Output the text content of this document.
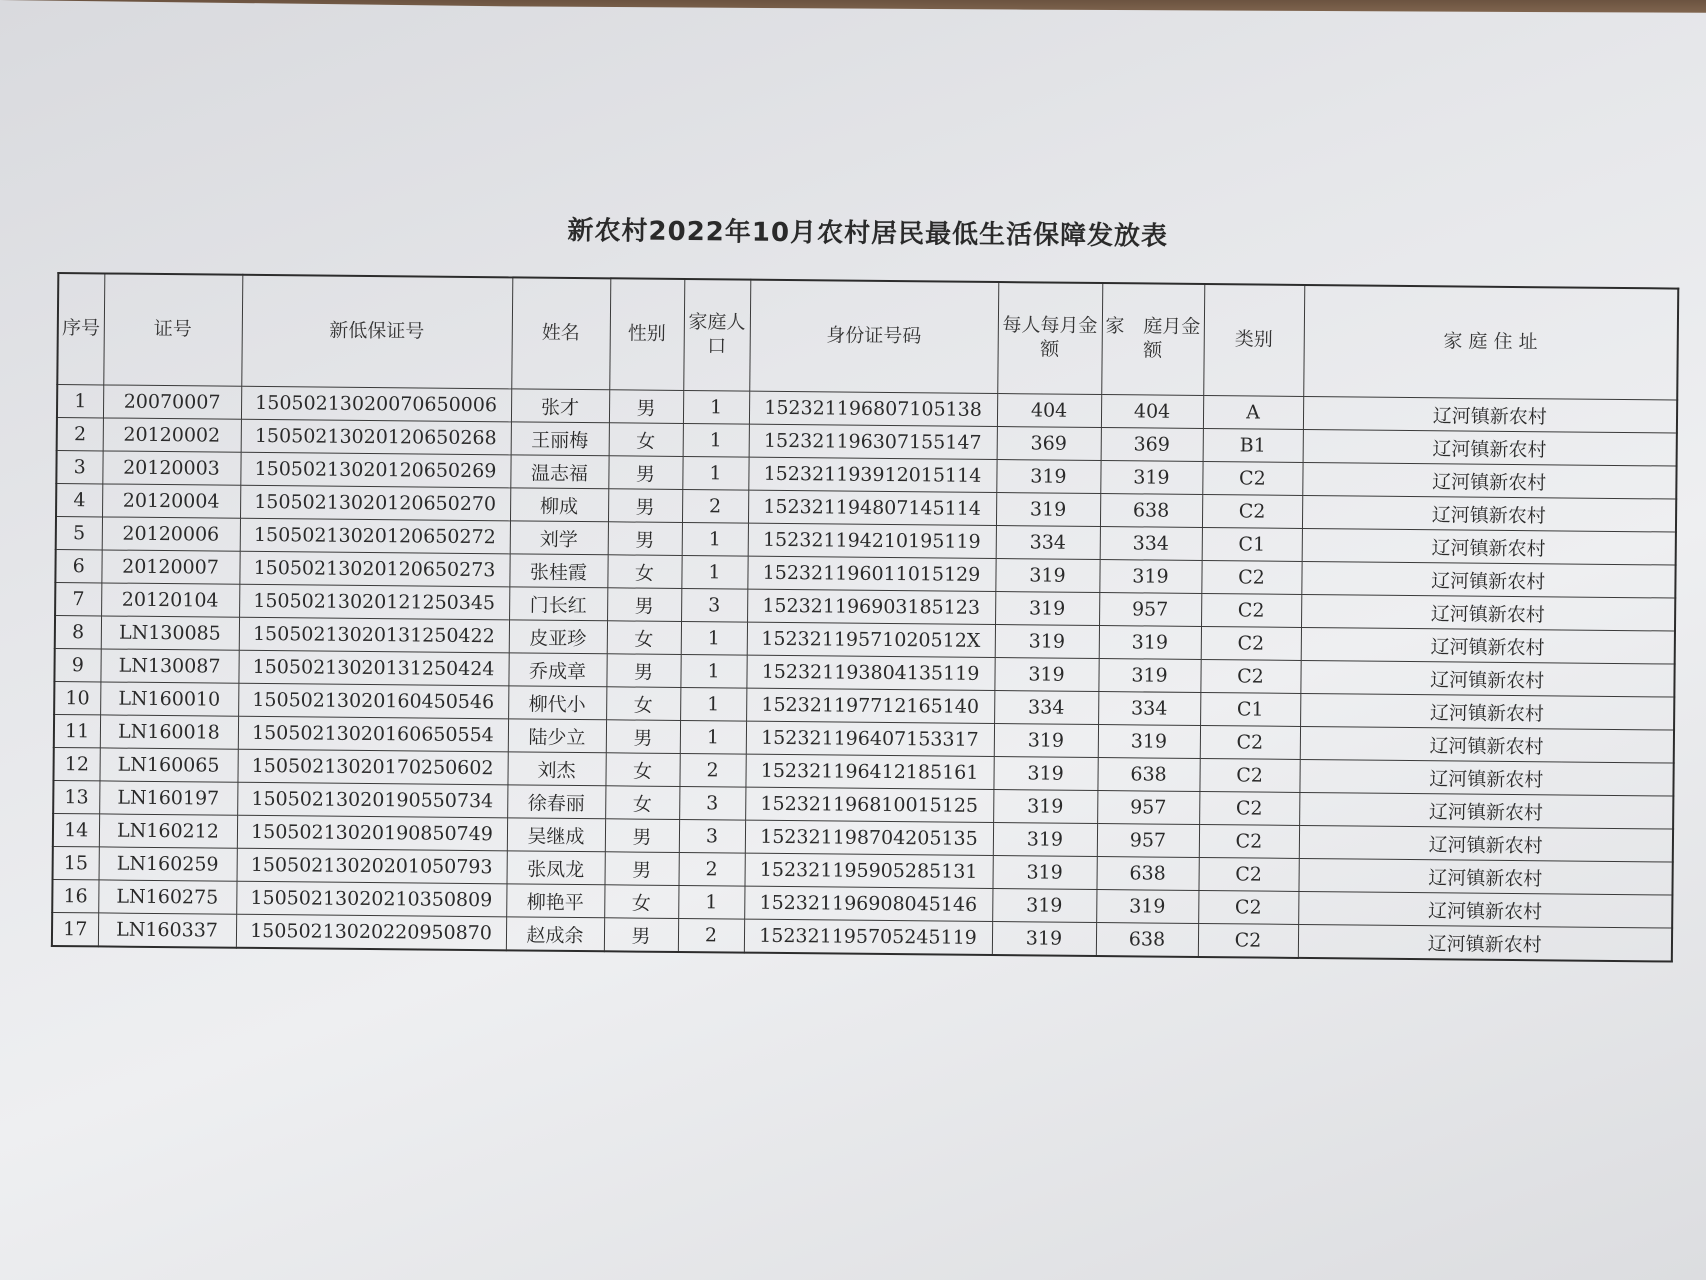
新农村2022年10月农村居民最低生活保障发放表
序号	证号	新低保证号	姓名	性别	家庭人口	身份证号码	每人每月金额	家　庭月金额	类别	家 庭 住 址
1	20070007	15050213020070650006	张才	男	1	152321196807105138	404	404	A	辽河镇新农村
2	20120002	15050213020120650268	王丽梅	女	1	152321196307155147	369	369	B1	辽河镇新农村
3	20120003	15050213020120650269	温志福	男	1	152321193912015114	319	319	C2	辽河镇新农村
4	20120004	15050213020120650270	柳成	男	2	152321194807145114	319	638	C2	辽河镇新农村
5	20120006	15050213020120650272	刘学	男	1	152321194210195119	334	334	C1	辽河镇新农村
6	20120007	15050213020120650273	张桂霞	女	1	152321196011015129	319	319	C2	辽河镇新农村
7	20120104	15050213020121250345	门长红	男	3	152321196903185123	319	957	C2	辽河镇新农村
8	LN130085	15050213020131250422	皮亚珍	女	1	15232119571020512X	319	319	C2	辽河镇新农村
9	LN130087	15050213020131250424	乔成章	男	1	152321193804135119	319	319	C2	辽河镇新农村
10	LN160010	15050213020160450546	柳代小	女	1	152321197712165140	334	334	C1	辽河镇新农村
11	LN160018	15050213020160650554	陆少立	男	1	152321196407153317	319	319	C2	辽河镇新农村
12	LN160065	15050213020170250602	刘杰	女	2	152321196412185161	319	638	C2	辽河镇新农村
13	LN160197	15050213020190550734	徐春丽	女	3	152321196810015125	319	957	C2	辽河镇新农村
14	LN160212	15050213020190850749	吴继成	男	3	152321198704205135	319	957	C2	辽河镇新农村
15	LN160259	15050213020201050793	张凤龙	男	2	152321195905285131	319	638	C2	辽河镇新农村
16	LN160275	15050213020210350809	柳艳平	女	1	152321196908045146	319	319	C2	辽河镇新农村
17	LN160337	15050213020220950870	赵成余	男	2	152321195705245119	319	638	C2	辽河镇新农村
